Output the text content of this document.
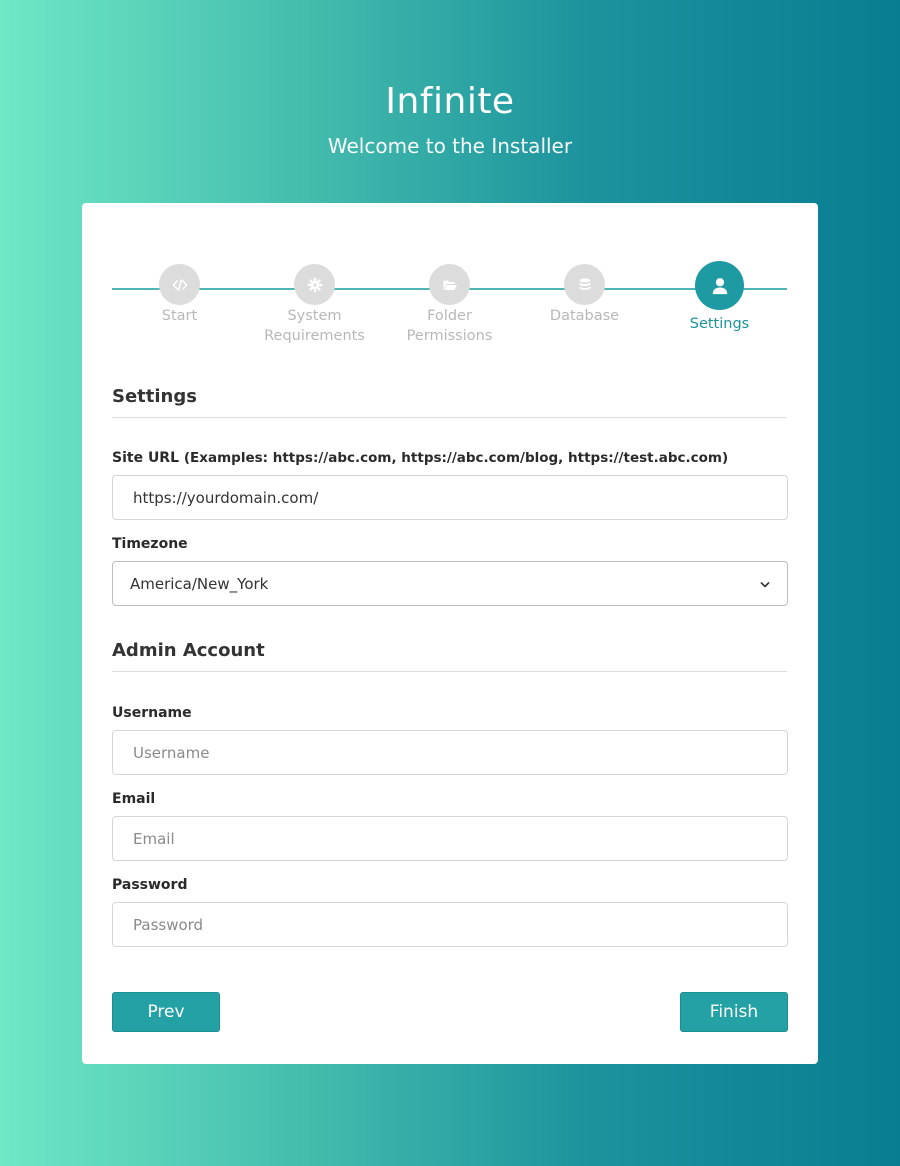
Infinite
Welcome to the Installer
Start	System
Requirements
Folder
Permissions
Database	Settings
Settings
Site URL (Examples: https://abc.com, https://abc.com/blog, https://test.abc.com)
https://yourdomain.com/
Timezone
America/New_York
Admin Account
Username
Username
Email
Email
Password
Prev	Finish
